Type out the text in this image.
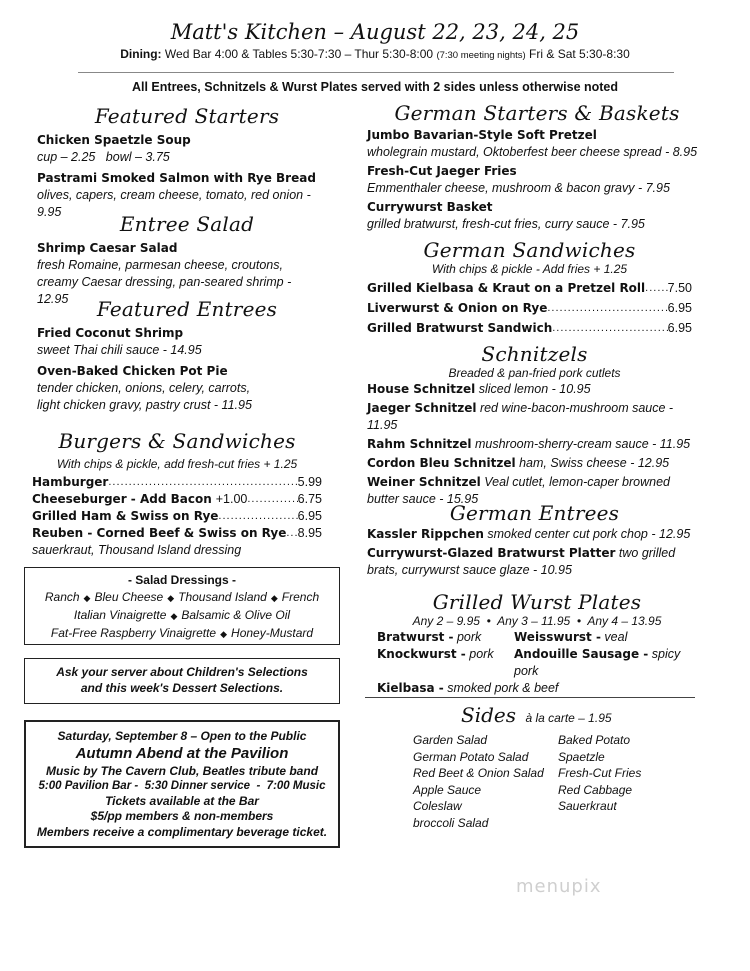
Matt's Kitchen – August 22, 23, 24, 25
Dining: Wed Bar 4:00 & Tables 5:30-7:30 – Thur 5:30-8:00 (7:30 meeting nights) Fri & Sat 5:30-8:30
All Entrees, Schnitzels & Wurst Plates served with 2 sides unless otherwise noted
Featured Starters
Chicken Spaetzle Soup
cup – 2.25   bowl – 3.75
Pastrami Smoked Salmon with Rye Bread
olives, capers, cream cheese, tomato, red onion - 9.95	Entree Salad
Shrimp Caesar Salad
fresh Romaine, parmesan cheese, croutons, creamy Caesar dressing, pan-seared shrimp - 12.95	Featured Entrees
Fried Coconut Shrimp
sweet Thai chili sauce - 14.95
Oven-Baked Chicken Pot Pie
tender chicken, onions, celery, carrots, light chicken gravy, pastry crust - 11.95
Burgers & Sandwiches
With chips & pickle, add fresh-cut fries + 1.25
Hamburger .....	5.99
Cheeseburger - Add Bacon +1.00 .....	6.75
Grilled Ham & Swiss on Rye .....	6.95
Reuben - Corned Beef & Swiss on Rye ..... 8.95
sauerkraut, Thousand Island dressing
- Salad Dressings -
Ranch ◆ Bleu Cheese ◆ Thousand Island ◆ French
Italian Vinaigrette ◆ Balsamic & Olive Oil
Fat-Free Raspberry Vinaigrette ◆ Honey-Mustard
Ask your server about Children's Selections
and this week's Dessert Selections.
Saturday, September 8 – Open to the Public
Autumn Abend at the Pavilion
Music by The Cavern Club, Beatles tribute band
5:00 Pavilion Bar -  5:30 Dinner service  -  7:00 Music
Tickets available at the Bar
$5/pp members & non-members
Members receive a complimentary beverage ticket.
German Starters & Baskets
Jumbo Bavarian-Style Soft Pretzel
wholegrain mustard, Oktoberfest beer cheese spread - 8.95
Fresh-Cut Jaeger Fries
Emmenthaler cheese, mushroom & bacon gravy - 7.95
Currywurst Basket
grilled bratwurst, fresh-cut fries, curry sauce - 7.95
German Sandwiches
With chips & pickle - Add fries + 1.25
Grilled Kielbasa & Kraut on a Pretzel Roll ..... 7.50
Liverwurst & Onion on Rye .....	6.95
Grilled Bratwurst Sandwich .....	6.95
Schnitzels
Breaded & pan-fried pork cutlets
House Schnitzel sliced lemon - 10.95
Jaeger Schnitzel red wine-bacon-mushroom sauce - 11.95
Rahm Schnitzel mushroom-sherry-cream sauce - 11.95
Cordon Bleu Schnitzel ham, Swiss cheese - 12.95
Weiner Schnitzel Veal cutlet, lemon-caper browned butter sauce - 15.95
German Entrees
Kassler Rippchen smoked center cut pork chop - 12.95
Currywurst-Glazed Bratwurst Platter two grilled brats, currywurst sauce glaze - 10.95
Grilled Wurst Plates
Any 2 – 9.95  •  Any 3 – 11.95  •  Any 4 – 13.95
Bratwurst - pork	Weisswurst - veal
Knockwurst - pork	Andouille Sausage - spicy pork
Kielbasa - smoked pork & beef
Sides à la carte – 1.95
Garden Salad
German Potato Salad
Red Beet & Onion Salad
Apple Sauce
Coleslaw
broccoli Salad
Baked Potato
Spaetzle
Fresh-Cut Fries
Red Cabbage
Sauerkraut
menupix
